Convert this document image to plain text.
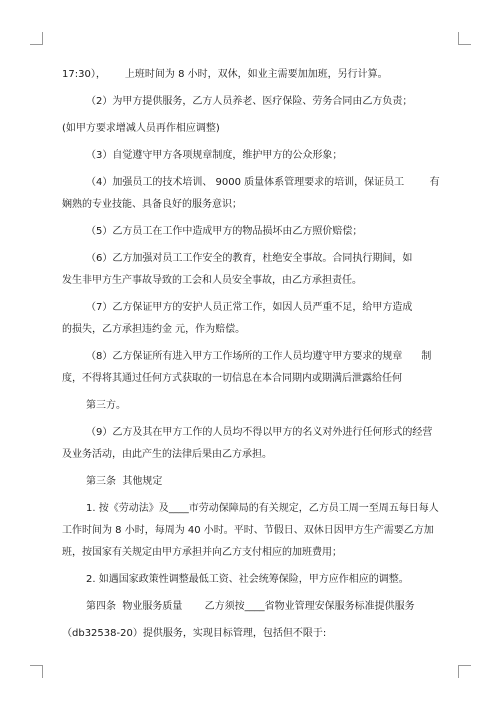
17:30），      上班时间为 8 小时，双休，如业主需要加加班，另行计算。
（2）为甲方提供服务，乙方人员养老、医疗保险、劳务合同由乙方负责；
(如甲方要求增减人员再作相应调整)
（3）自觉遵守甲方各项规章制度，维护甲方的公众形象；
（4）加强员工的技术培训、 9000 质量体系管理要求的培训，保证员工        有
娴熟的专业技能、具备良好的服务意识；
（5）乙方员工在工作中造成甲方的物品损坏由乙方照价赔偿；
（6）乙方加强对员工工作安全的教育，杜绝安全事故。合同执行期间，如
发生非甲方生产事故导致的工会和人员安全事故，由乙方承担责任。
（7）乙方保证甲方的安护人员正常工作，如因人员严重不足，给甲方造成
的损失，乙方承担违约金 元，作为赔偿。
（8）乙方保证所有进入甲方工作场所的工作人员均遵守甲方要求的规章      制
度，不得将其通过任何方式获取的一切信息在本合同期内或期满后泄露给任何
第三方。
（9）乙方及其在甲方工作的人员均不得以甲方的名义对外进行任何形式的经营
及业务活动，由此产生的法律后果由乙方承担。
第三条  其他规定
1. 按《劳动法》及____市劳动保障局的有关规定，乙方员工周一至周五每日每人
工作时间为 8 小时，每周为 40 小时。平时、节假日、双休日因甲方生产需要乙方加
班，按国家有关规定由甲方承担并向乙方支付相应的加班费用；
2. 如遇国家政策性调整最低工资、社会统筹保险，甲方应作相应的调整。
第四条  物业服务质量       乙方须按____省物业管理安保服务标准提供服务
（db32538-20）提供服务，实现目标管理，包括但不限于:
